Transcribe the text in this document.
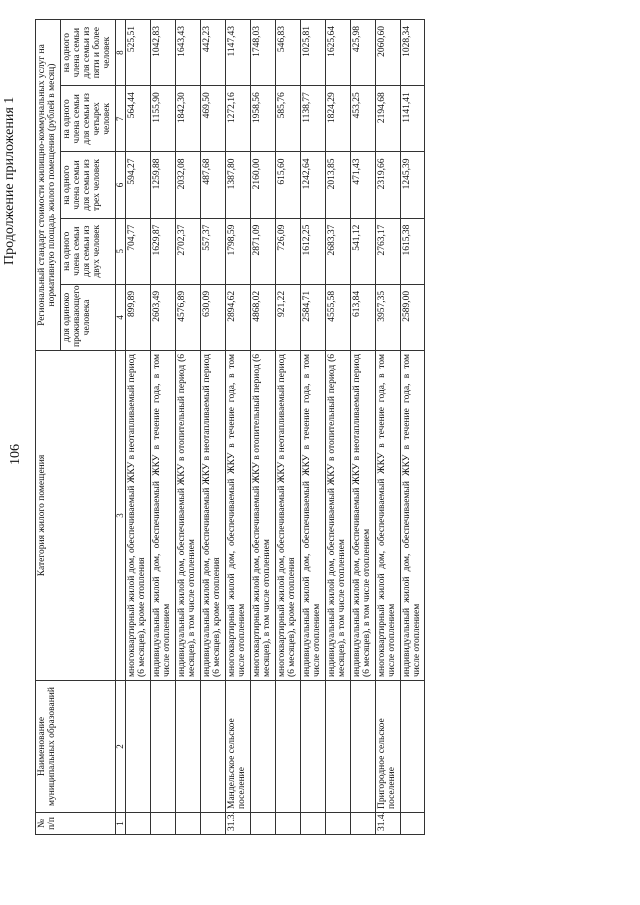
106
Продолжение приложения 1
№ п/п	Наименование муниципальных образований	Категория жилого помещения	Региональный стандарт стоимости жилищно-коммунальных услуг на нормативную площадь жилого помещения (рублей в месяц)				
			для одиноко проживающего человека	на одного члена семьи для семьи из двух человек	на одного члена семьи для семьи из трех человек	на одного члена семьи для семьи из четырех человек	на одного члена семьи для семьи из пяти и более человек
1	2	3	4	5	6	7	8
		многоквартирный жилой дом, обеспечиваемый ЖКУ в неотапливаемый период (6 месяцев), кроме отопления	899,89	704,77	594,27	564,44	525,51
		индивидуальный жилой дом, обеспечиваемый ЖКУ в течение года, в том числе отоплением	2603,49	1629,87	1259,88	1155,90	1042,83
		индивидуальный жилой дом, обеспечиваемый ЖКУ в отопительный период (6 месяцев), в том числе отоплением	4576,89	2702,37	2032,08	1842,30	1643,43
		индивидуальный жилой дом, обеспечиваемый ЖКУ в неотапливаемый период (6 месяцев), кроме отопления	630,09	557,37	487,68	469,50	442,23
31.3.	Мандельское сельское поселение	многоквартирный жилой дом, обеспечиваемый ЖКУ в течение года, в том числе отоплением	2894,62	1798,59	1387,80	1272,16	1147,43
		многоквартирный жилой дом, обеспечиваемый ЖКУ в отопительный период (6 месяцев), в том числе отоплением	4868,02	2871,09	2160,00	1958,56	1748,03
		многоквартирный жилой дом, обеспечиваемый ЖКУ в неотапливаемый период (6 месяцев), кроме отопления	921,22	726,09	615,60	585,76	546,83
		индивидуальный жилой дом, обеспечиваемый ЖКУ в течение года, в том числе отоплением	2584,71	1612,25	1242,64	1138,77	1025,81
		индивидуальный жилой дом, обеспечиваемый ЖКУ в отопительный период (6 месяцев), в том числе отоплением	4555,58	2683,37	2013,85	1824,29	1625,64
		индивидуальный жилой дом, обеспечиваемый ЖКУ в неотапливаемый период (6 месяцев), в том числе отоплением	613,84	541,12	471,43	453,25	425,98
31.4.	Пригородное сельское поселение	многоквартирный жилой дом, обеспечиваемый ЖКУ в течение года, в том числе отоплением	3957,35	2763,17	2319,66	2194,68	2060,60
		индивидуальный жилой дом, обеспечиваемый ЖКУ в течение года, в том числе отоплением	2589,00	1615,38	1245,39	1141,41	1028,34
